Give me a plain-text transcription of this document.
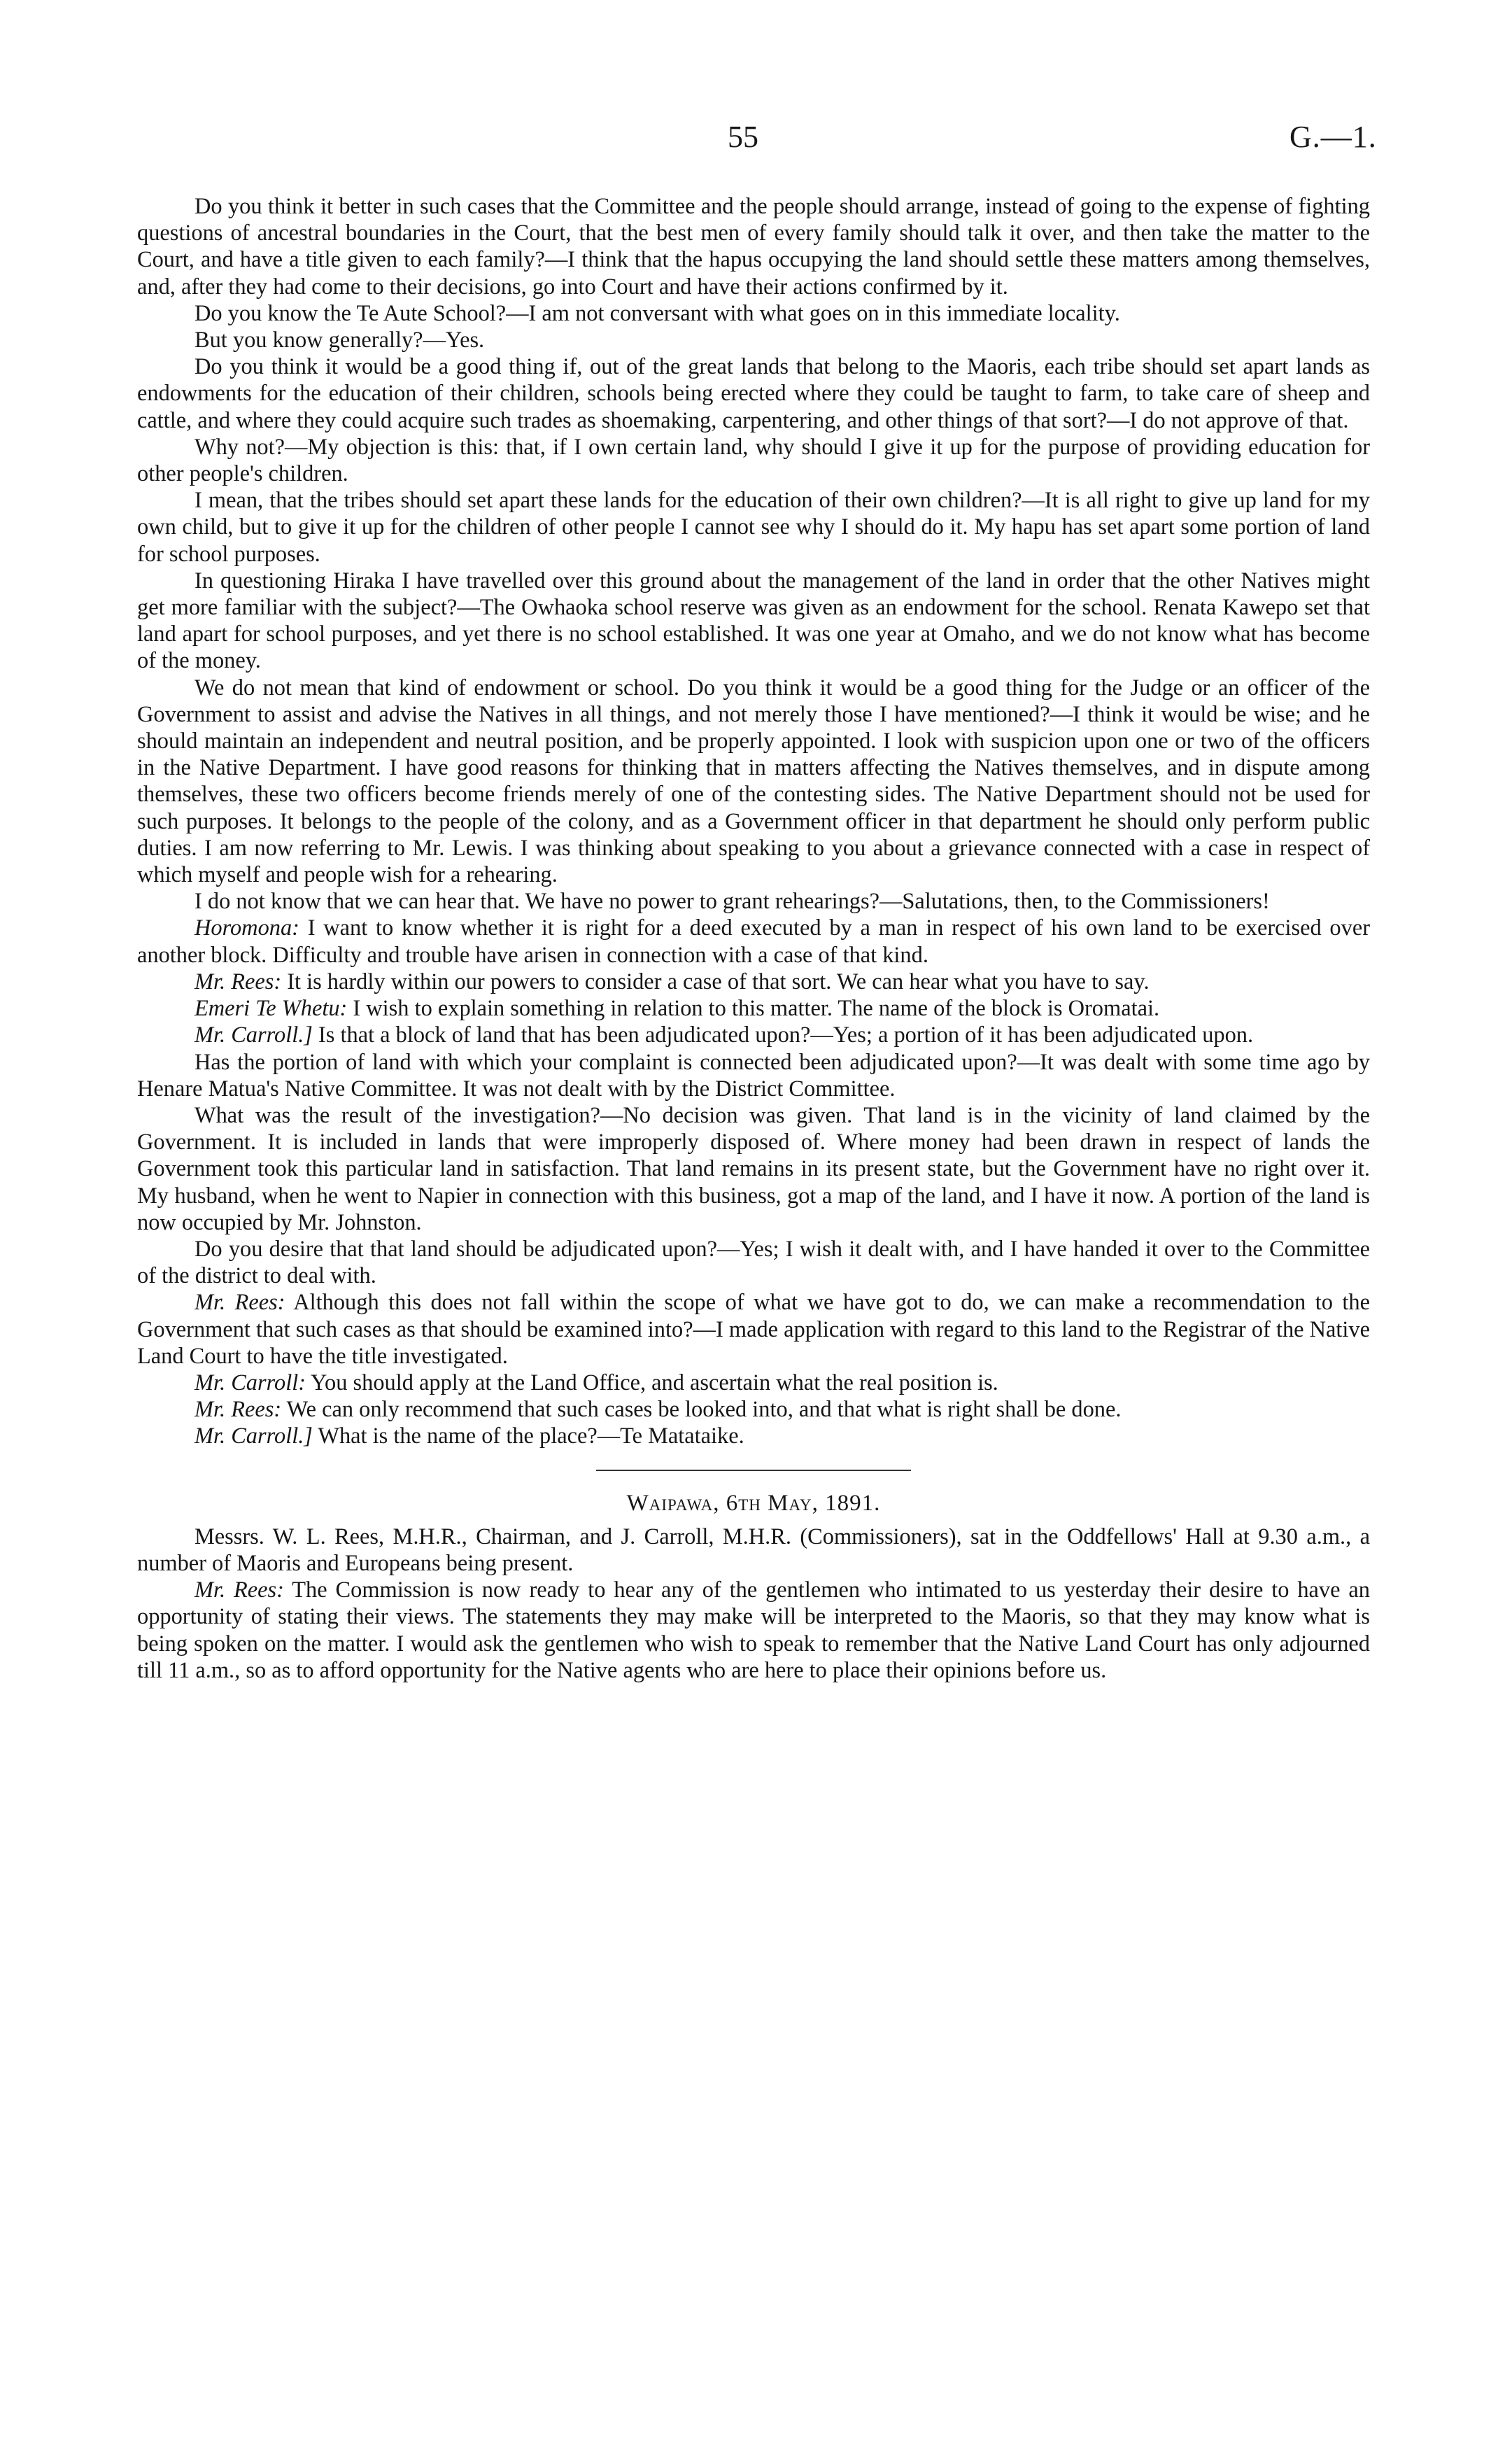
55	G.—1.

Do you think it better in such cases that the Committee and the people should arrange, instead of going to the expense of fighting questions of ancestral boundaries in the Court, that the best men of every family should talk it over, and then take the matter to the Court, and have a title given to each family?—I think that the hapus occupying the land should settle these matters among themselves, and, after they had come to their decisions, go into Court and have their actions confirmed by it.

Do you know the Te Aute School?—I am not conversant with what goes on in this immediate locality.

But you know generally?—Yes.

Do you think it would be a good thing if, out of the great lands that belong to the Maoris, each tribe should set apart lands as endowments for the education of their children, schools being erected where they could be taught to farm, to take care of sheep and cattle, and where they could acquire such trades as shoemaking, carpentering, and other things of that sort?—I do not approve of that.

Why not?—My objection is this: that, if I own certain land, why should I give it up for the purpose of providing education for other people's children.

I mean, that the tribes should set apart these lands for the education of their own children?—It is all right to give up land for my own child, but to give it up for the children of other people I cannot see why I should do it. My hapu has set apart some portion of land for school purposes.

In questioning Hiraka I have travelled over this ground about the management of the land in order that the other Natives might get more familiar with the subject?—The Owhaoka school reserve was given as an endowment for the school. Renata Kawepo set that land apart for school purposes, and yet there is no school established. It was one year at Omaho, and we do not know what has become of the money.

We do not mean that kind of endowment or school. Do you think it would be a good thing for the Judge or an officer of the Government to assist and advise the Natives in all things, and not merely those I have mentioned?—I think it would be wise; and he should maintain an independent and neutral position, and be properly appointed. I look with suspicion upon one or two of the officers in the Native Department. I have good reasons for thinking that in matters affecting the Natives themselves, and in dispute among themselves, these two officers become friends merely of one of the contesting sides. The Native Department should not be used for such purposes. It belongs to the people of the colony, and as a Government officer in that department he should only perform public duties. I am now referring to Mr. Lewis. I was thinking about speaking to you about a grievance connected with a case in respect of which myself and people wish for a rehearing.

I do not know that we can hear that. We have no power to grant rehearings?—Salutations, then, to the Commissioners!

Horomona: I want to know whether it is right for a deed executed by a man in respect of his own land to be exercised over another block. Difficulty and trouble have arisen in connection with a case of that kind.

Mr. Rees: It is hardly within our powers to consider a case of that sort. We can hear what you have to say.

Emeri Te Whetu: I wish to explain something in relation to this matter. The name of the block is Oromatai.

Mr. Carroll.] Is that a block of land that has been adjudicated upon?—Yes; a portion of it has been adjudicated upon.

Has the portion of land with which your complaint is connected been adjudicated upon?—It was dealt with some time ago by Henare Matua's Native Committee. It was not dealt with by the District Committee.

What was the result of the investigation?—No decision was given. That land is in the vicinity of land claimed by the Government. It is included in lands that were improperly disposed of. Where money had been drawn in respect of lands the Government took this particular land in satisfaction. That land remains in its present state, but the Government have no right over it. My husband, when he went to Napier in connection with this business, got a map of the land, and I have it now. A portion of the land is now occupied by Mr. Johnston.

Do you desire that that land should be adjudicated upon?—Yes; I wish it dealt with, and I have handed it over to the Committee of the district to deal with.

Mr. Rees: Although this does not fall within the scope of what we have got to do, we can make a recommendation to the Government that such cases as that should be examined into?—I made application with regard to this land to the Registrar of the Native Land Court to have the title investigated.

Mr. Carroll: You should apply at the Land Office, and ascertain what the real position is.

Mr. Rees: We can only recommend that such cases be looked into, and that what is right shall be done.

Mr. Carroll.] What is the name of the place?—Te Matataike.

Waipawa, 6th May, 1891.

Messrs. W. L. Rees, M.H.R., Chairman, and J. Carroll, M.H.R. (Commissioners), sat in the Oddfellows' Hall at 9.30 a.m., a number of Maoris and Europeans being present.

Mr. Rees: The Commission is now ready to hear any of the gentlemen who intimated to us yesterday their desire to have an opportunity of stating their views. The statements they may make will be interpreted to the Maoris, so that they may know what is being spoken on the matter. I would ask the gentlemen who wish to speak to remember that the Native Land Court has only adjourned till 11 a.m., so as to afford opportunity for the Native agents who are here to place their opinions before us.
